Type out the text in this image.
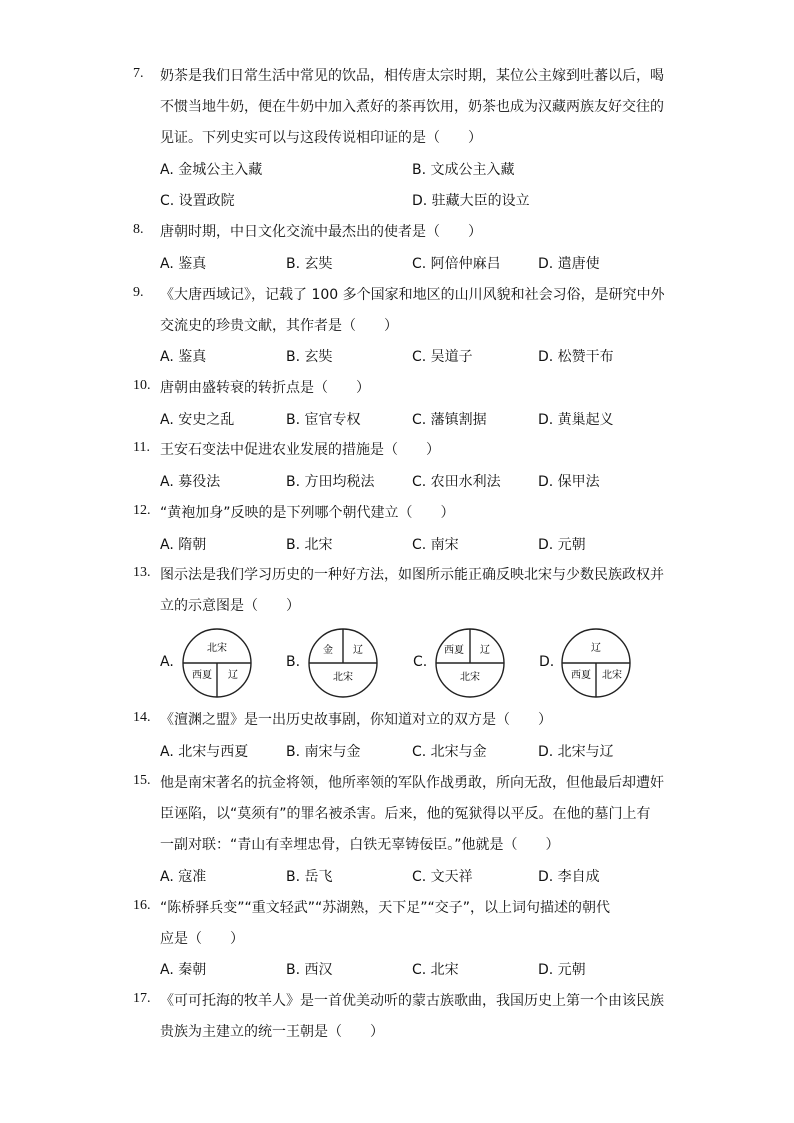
7.	奶茶是我们日常生活中常见的饮品，相传唐太宗时期，某位公主嫁到吐蕃以后，喝
不惯当地牛奶，便在牛奶中加入煮好的茶再饮用，奶茶也成为汉藏两族友好交往的
见证。下列史实可以与这段传说相印证的是（　　）
A. 金城公主入藏	B. 文成公主入藏
C. 设置政院	D. 驻藏大臣的设立
8.	唐朝时期，中日文化交流中最杰出的使者是（　　）
A. 鉴真	B. 玄奘	C. 阿倍仲麻吕	D. 遣唐使
9.	《大唐西域记》，记载了 100 多个国家和地区的山川风貌和社会习俗，是研究中外
交流史的珍贵文献，其作者是（　　）
A. 鉴真	B. 玄奘	C. 吴道子	D. 松赞干布
10. 唐朝由盛转衰的转折点是（　　）
A. 安史之乱	B. 宦官专权	C. 藩镇割据	D. 黄巢起义
11. 王安石变法中促进农业发展的措施是（　　）
A. 募役法	B. 方田均税法	C. 农田水利法	D. 保甲法
12. “黄袍加身”反映的是下列哪个朝代建立（　　）
A. 隋朝	B. 北宋	C. 南宋	D. 元朝
13. 图示法是我们学习历史的一种好方法，如图所示能正确反映北宋与少数民族政权并
立的示意图是（　　）
A.
北宋
西夏 辽
B.
金 辽
北宋
C.
西夏 辽
北宋
D.
辽
西夏 北宋
14. 《澶渊之盟》是一出历史故事剧，你知道对立的双方是（　　）
A. 北宋与西夏	B. 南宋与金	C. 北宋与金	D. 北宋与辽
15. 他是南宋著名的抗金将领，他所率领的军队作战勇敢，所向无敌，但他最后却遭奸
臣诬陷，以“莫须有”的罪名被杀害。后来，他的冤狱得以平反。在他的墓门上有
一副对联：“青山有幸埋忠骨，白铁无辜铸佞臣。”他就是（　　）
A. 寇准	B. 岳飞	C. 文天祥	D. 李自成
16. “陈桥驿兵变”“重文轻武”“苏湖熟，天下足”“交子”，以上词句描述的朝代
应是（　　）
A. 秦朝	B. 西汉	C. 北宋	D. 元朝
17. 《可可托海的牧羊人》是一首优美动听的蒙古族歌曲，我国历史上第一个由该民族
贵族为主建立的统一王朝是（　　）
